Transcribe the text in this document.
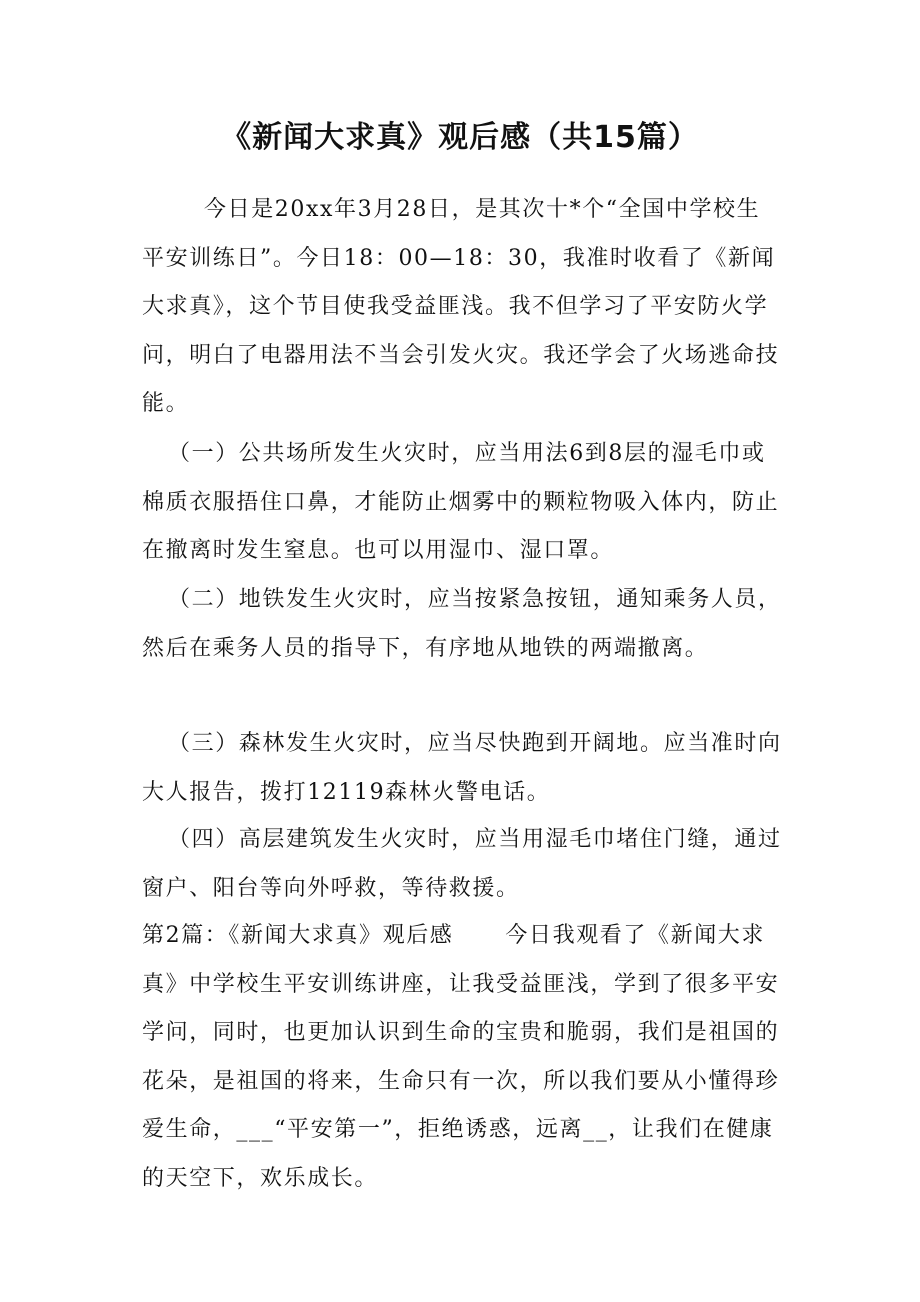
《新闻大求真》观后感（共15篇）

今日是20xx年3月28日，是其次十*个“全国中学校生平安训练日”。今日18：00—18：30，我准时收看了《新闻大求真》，这个节目使我受益匪浅。我不但学习了平安防火学问，明白了电器用法不当会引发火灾。我还学会了火场逃命技能。

（一）公共场所发生火灾时，应当用法6到8层的湿毛巾或棉质衣服捂住口鼻，才能防止烟雾中的颗粒物吸入体内，防止在撤离时发生窒息。也可以用湿巾、湿口罩。

（二）地铁发生火灾时，应当按紧急按钮，通知乘务人员，然后在乘务人员的指导下，有序地从地铁的两端撤离。

（三）森林发生火灾时，应当尽快跑到开阔地。应当准时向大人报告，拨打12119森林火警电话。

（四）高层建筑发生火灾时，应当用湿毛巾堵住门缝，通过窗户、阳台等向外呼救，等待救援。

第2篇：《新闻大求真》观后感 今日我观看了《新闻大求真》中学校生平安训练讲座，让我受益匪浅，学到了很多平安学问，同时，也更加认识到生命的宝贵和脆弱，我们是祖国的花朵，是祖国的将来，生命只有一次，所以我们要从小懂得珍爱生命，___“平安第一”，拒绝诱惑，远离__，让我们在健康的天空下，欢乐成长。
